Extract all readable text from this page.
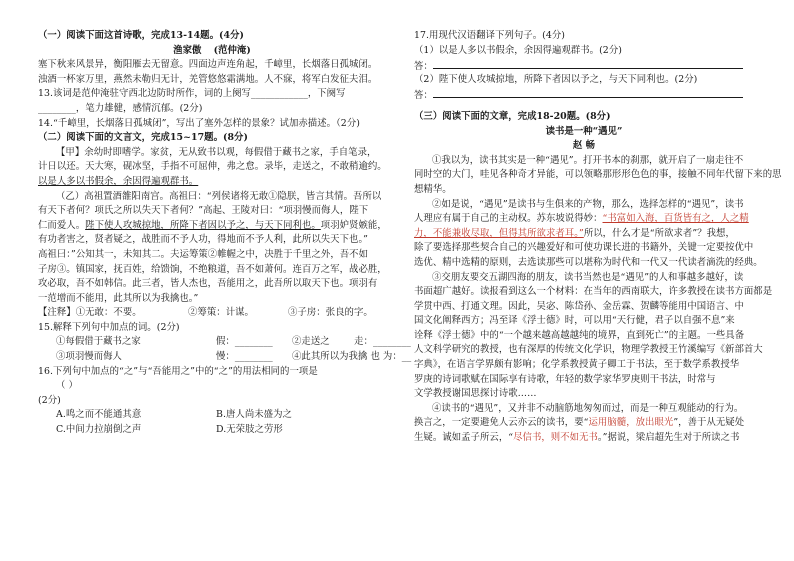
（一）阅读下面这首诗歌，完成13-14题。(4分)
渔家傲 (范仲淹)
塞下秋来风景异，衡阳雁去无留意。四面边声连角起，千嶂里，长烟落日孤城闭。
浊酒一杯家万里，燕然未勒归无计，羌管悠悠霜满地。人不寐，将军白发征夫泪。
13.该词是范仲淹驻守西北边防时所作，词的上阕写____________，下阕写
________，笔力雄健，感情沉郁。(2分)
14.“千嶂里，长烟落日孤城闭”，写出了塞外怎样的景象？试加赤描述。（2分)
（二）阅读下面的文言文，完成15~17题。(8分)
【甲】余幼时即嗜学。家贫，无从致书以观，每假借于藏书之家，手自笔录，
计日以还。天大寒，砚冰坚，手指不可屈伸，弗之怠。录毕，走送之，不敢稍逾约。
以是人多以书假余，余因得遍观群书。
（乙）高祖置酒雒阳南宫。高祖曰：“列侯诸将无敢①隐朕，皆言其情。吾所以
有天下者何？项氏之所以失天下者何？”高起、王陵对曰：“项羽慢而侮人，陛下
仁而爱人。陛下使人攻城掠地，所降下者因以予之，与天下同利也。项羽妒贤嫉能，
有功者害之，贤者疑之，战胜而不予人功，得地而不予人利，此所以失天下也。”
高祖曰：”公知其一，未知其二。夫运筹策②帷幄之中，决胜于千里之外，吾不如
子房③。镇国家，抚百姓，给馈饷，不绝粮道，吾不如萧何。连百万之军，战必胜，
攻必取，吾不如韩信。此三者，皆人杰也，吾能用之，此吾所以取天下也。项羽有
一范增而不能用，此其所以为我擒也。”
【注释】①无敢：不要。	②筹策：计谋。	③子房：张良的字。
15.解释下列句中加点的词。(2分)
①每假借于藏书之家	假：________ ②走送之	走：________
③项羽慢而侮人	慢：________ ④此其所以为我擒 也 为：__
16.下列句中加点的“之”与“吾能用之”中的“之”的用法相同的一项是
（ ）
(2分)
A.鸣之而不能通其意	B.唐人尚未盛为之
C.中间力拉崩倒之声	D.无荣肢之劳形
17.用现代汉语翻译下列句子。(4分)
（1）以是人多以书假余，余因得遍观群书。(2分)
答：
（2）陛下使人攻城掠地，所降下者因以予之，与天下同利也。(2分)
答：
（三）阅读下面的文章，完成18-20题。(8分)
读书是一种“遇见”
赵 畅
①我以为，读书其实是一种“遇见”。打开书本的刹那，就开启了一扇走往不
同时空的大门，哇见各种奇才异能，可以领略那形形色色的事，接触不同年代留下来的思
想精华。
②如是说，“遇见”是读书与生俱来的产物，那么，选择怎样的“遇见”，读书
人理应有属于自己的主动权。苏东坡说得妙：“书富如入海，百货皆有之，人之精
力，不能兼收尽取，但得其所欲求者耳。”所以，什么才是“所欲求者”？我想，
除了要选择那些契合自己的兴趣爱好和可使功课长进的书籍外，关键一定要按优中
选优、精中选精的原则，去选读那些可以堪称为时代和一代又一代读者滴洗的经典。
③交朋友要交五湖四海的朋友，读书当然也是“遇见”的人和事越多越好，读
书面超广越好。读报看到这么一个材料：在当年的西南联大，许多教授在读书方面都是
学贯中西、打通文理。因此，吴宓、陈岱孙、金岳霖、贺麟等能用中国语言、中
国文化阐释西方；冯至译《浮士德》时，可以用“天行健，君子以自强不息”来
诠释《浮士德》中的“一个越来越高越越纯的境界，直到死亡”的主题。一些具备
人文科学研究的教授，也有深厚的传统文化学识，物理学教授王竹溪编写《新部首大
字典》，在语言学界颇有影响；化学系教授黄子卿工于书法，至于数学系教授华
罗庚的诗词歌赋在国际享有诗歌，年轻的数学家华罗庚则干书法，时常与
文学教授谢国思探讨诗歌……
④读书的“遇见”，又并非不动脑筋地匆匆而过，而是一种互观能动的行为。
换言之，一定要避免人云亦云的读书，要“运用脑髓，放出眼光”，善于从无疑处
生疑。诚如孟子所云，“尽信书，则不如无书。”据说，梁启超先生对于所读之书
